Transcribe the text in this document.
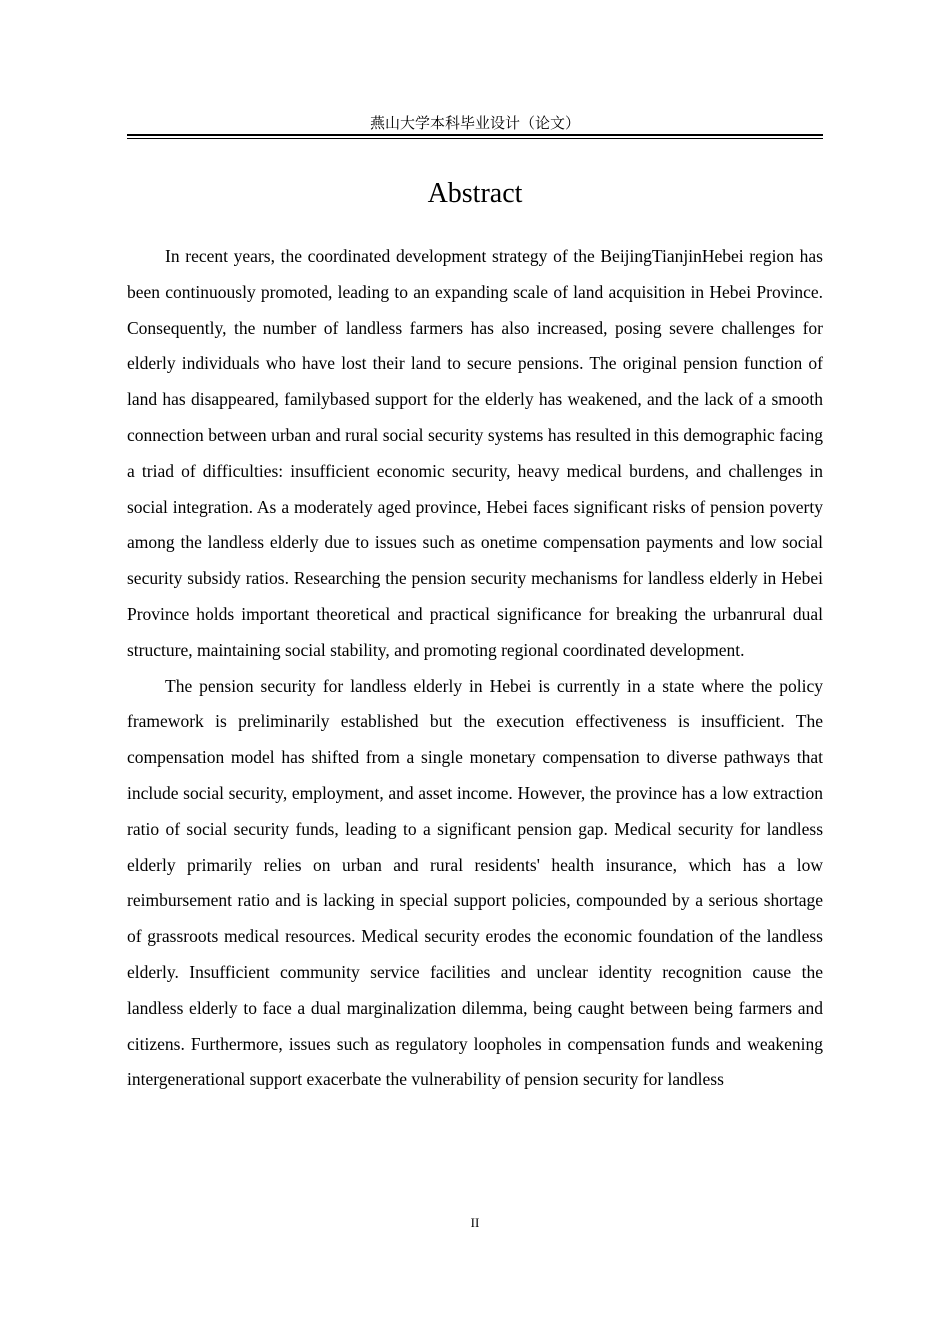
燕山大学本科毕业设计（论文）
Abstract

In recent years, the coordinated development strategy of the BeijingTianjinHebei region has been continuously promoted, leading to an expanding scale of land acquisition in Hebei Province. Consequently, the number of landless farmers has also increased, posing severe challenges for elderly individuals who have lost their land to secure pensions. The original pension function of land has disappeared, familybased support for the elderly has weakened, and the lack of a smooth connection between urban and rural social security systems has resulted in this demographic facing a triad of difficulties: insufficient economic security, heavy medical burdens, and challenges in social integration. As a moderately aged province, Hebei faces significant risks of pension poverty among the landless elderly due to issues such as onetime compensation payments and low social security subsidy ratios. Researching the pension security mechanisms for landless elderly in Hebei Province holds important theoretical and practical significance for breaking the urbanrural dual structure, maintaining social stability, and promoting regional coordinated development.

The pension security for landless elderly in Hebei is currently in a state where the policy framework is preliminarily established but the execution effectiveness is insufficient. The compensation model has shifted from a single monetary compensation to diverse pathways that include social security, employment, and asset income. However, the province has a low extraction ratio of social security funds, leading to a significant pension gap. Medical security for landless elderly primarily relies on urban and rural residents' health insurance, which has a low reimbursement ratio and is lacking in special support policies, compounded by a serious shortage of grassroots medical resources. Medical security erodes the economic foundation of the landless elderly. Insufficient community service facilities and unclear identity recognition cause the landless elderly to face a dual marginalization dilemma, being caught between being farmers and citizens. Furthermore, issues such as regulatory loopholes in compensation funds and weakening intergenerational support exacerbate the vulnerability of pension security for landless

II
